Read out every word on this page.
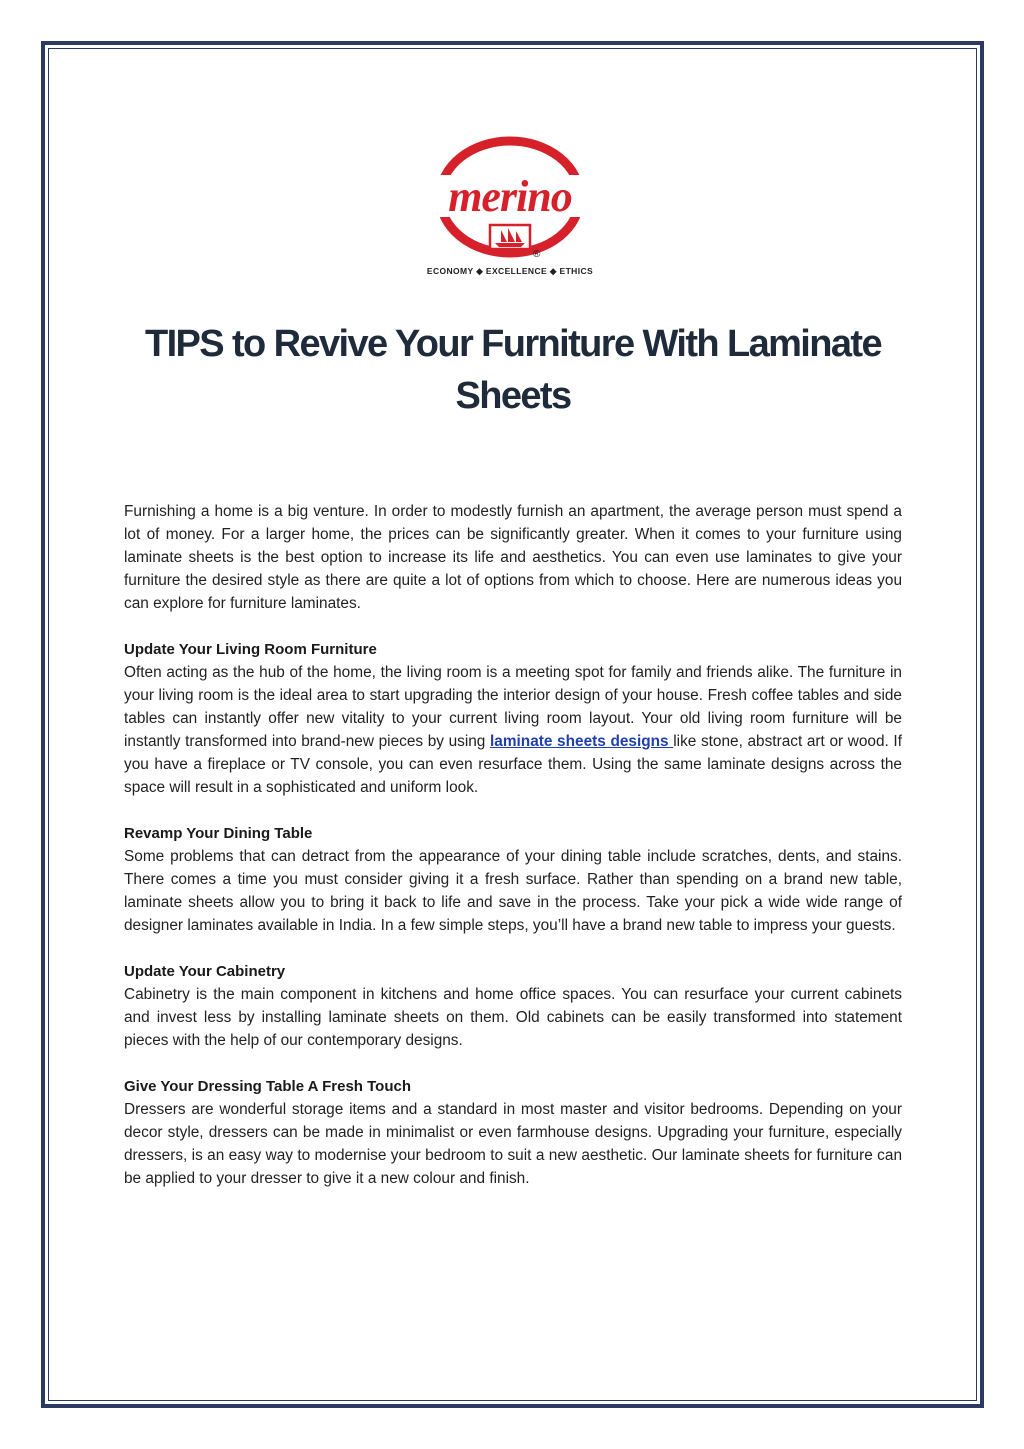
merino
®
ECONOMY ◆ EXCELLENCE ◆ ETHICS
TIPS to Revive Your Furniture With Laminate Sheets

Furnishing a home is a big venture. In order to modestly furnish an apartment, the average person must spend a lot of money. For a larger home, the prices can be significantly greater. When it comes to your furniture using laminate sheets is the best option to increase its life and aesthetics. You can even use laminates to give your furniture the desired style as there are quite a lot of options from which to choose. Here are numerous ideas you can explore for furniture laminates.

Update Your Living Room Furniture

Often acting as the hub of the home, the living room is a meeting spot for family and friends alike. The furniture in your living room is the ideal area to start upgrading the interior design of your house. Fresh coffee tables and side tables can instantly offer new vitality to your current living room layout. Your old living room furniture will be instantly transformed into brand-new pieces by using laminate sheets designs like stone, abstract art or wood. If you have a fireplace or TV console, you can even resurface them. Using the same laminate designs across the space will result in a sophisticated and uniform look.

Revamp Your Dining Table

Some problems that can detract from the appearance of your dining table include scratches, dents, and stains. There comes a time you must consider giving it a fresh surface. Rather than spending on a brand new table, laminate sheets allow you to bring it back to life and save in the process. Take your pick a wide wide range of designer laminates available in India. In a few simple steps, you’ll have a brand new table to impress your guests.

Update Your Cabinetry

Cabinetry is the main component in kitchens and home office spaces. You can resurface your current cabinets and invest less by installing laminate sheets on them. Old cabinets can be easily transformed into statement pieces with the help of our contemporary designs.

Give Your Dressing Table A Fresh Touch

Dressers are wonderful storage items and a standard in most master and visitor bedrooms. Depending on your decor style, dressers can be made in minimalist or even farmhouse designs. Upgrading your furniture, especially dressers, is an easy way to modernise your bedroom to suit a new aesthetic. Our laminate sheets for furniture can be applied to your dresser to give it a new colour and finish.
